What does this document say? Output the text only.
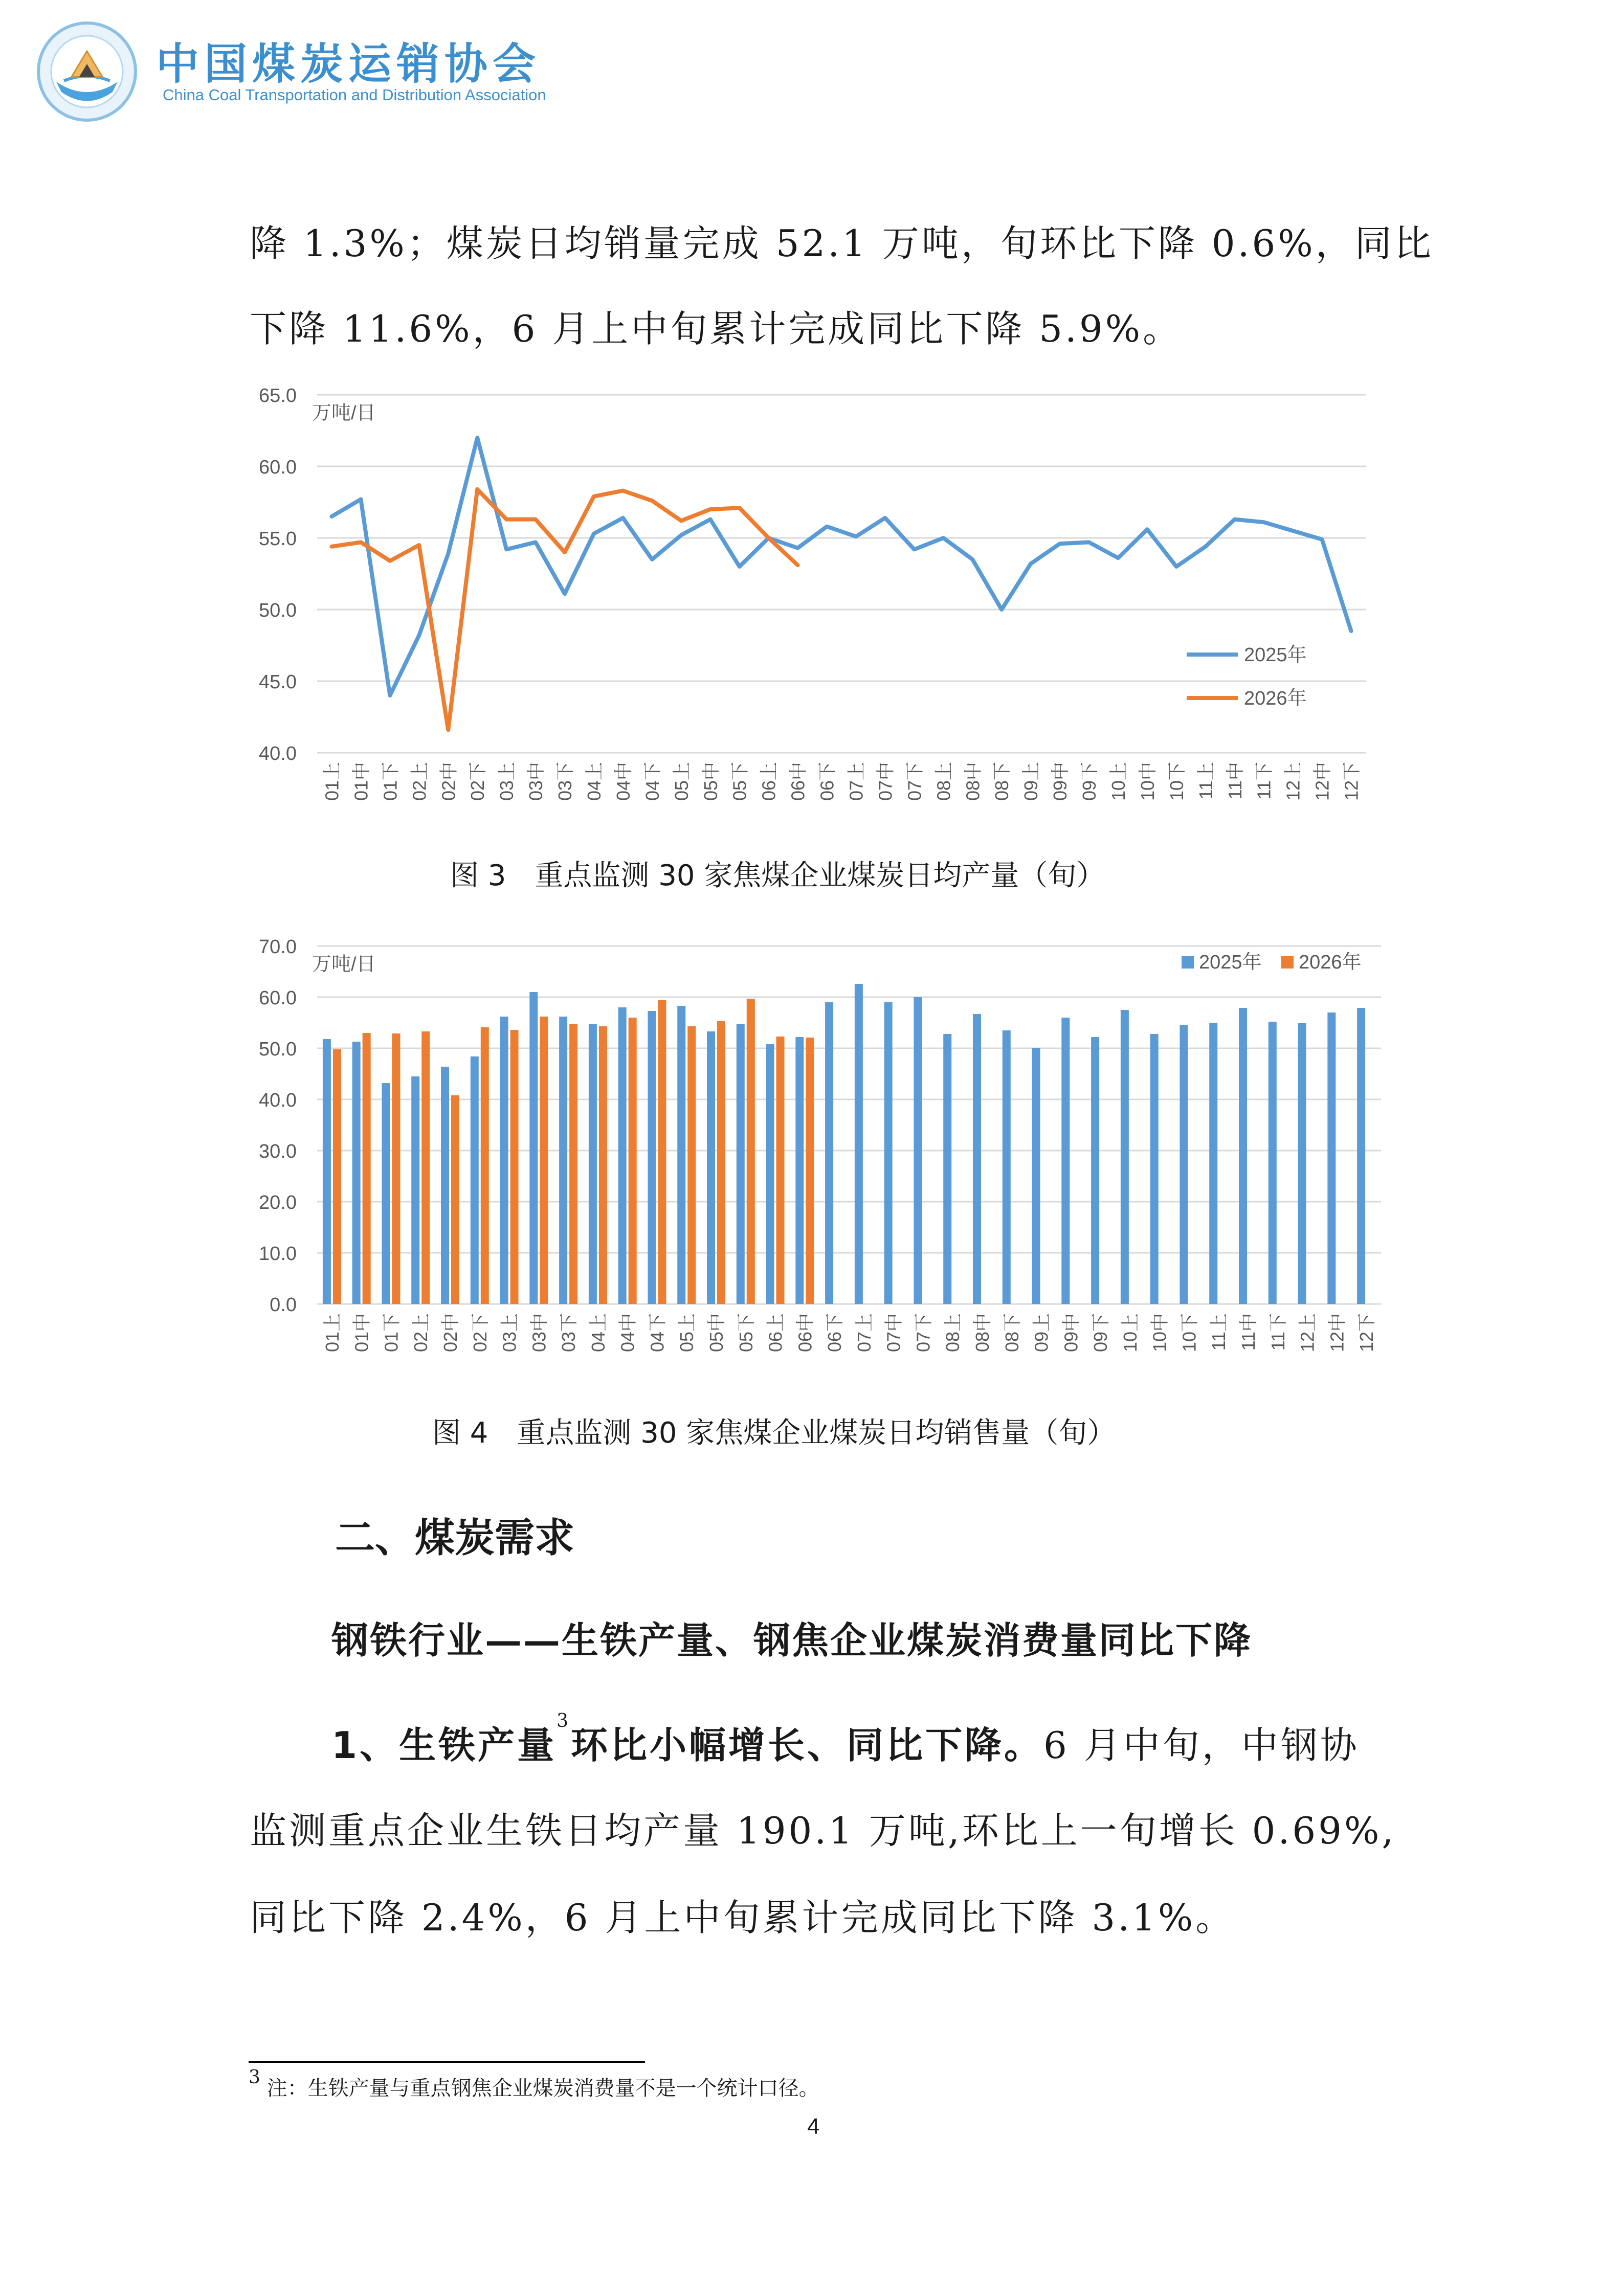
中国煤炭运销协会
China Coal Transportation and Distribution Association
降 1.3%；煤炭日均销量完成 52.1 万吨，旬环比下降 0.6%，同比
下降 11.6%，6 月上中旬累计完成同比下降 5.9%。
40.0
45.0
50.0
55.0
60.0
65.0
万吨/日
01上 01中 01下 02上 02中 02下 03上 03中 03下 04上 04中 04下 05上 05中 05下 06上 06中 06下 07上 07中 07下 08上 08中 08下 09上 09中 09下 10上 10中 10下 11上 11中 11下 12上 12中 12下
2025年
2026年
图 3　重点监测 30 家焦煤企业煤炭日均产量（旬）
0.0
10.0
20.0
30.0
40.0
50.0
60.0
70.0
万吨/日
01上 01中 01下 02上 02中 02下 03上 03中 03下 04上 04中 04下 05上 05中 05下 06上 06中 06下 07上 07中 07下 08上 08中 08下 09上 09中 09下 10上 10中 10下 11上 11中 11下 12上 12中 12下
2025年 2026年
图 4　重点监测 30 家焦煤企业煤炭日均销售量（旬）
二、煤炭需求
钢铁行业——生铁产量、钢焦企业煤炭消费量同比下降
1、生铁产量$^3$环比小幅增长、同比下降。6 月中旬，中钢协
监测重点企业生铁日均产量 190.1 万吨,环比上一旬增长 0.69%,
同比下降 2.4%，6 月上中旬累计完成同比下降 3.1%。
$^3$ 注：生铁产量与重点钢焦企业煤炭消费量不是一个统计口径。
4
